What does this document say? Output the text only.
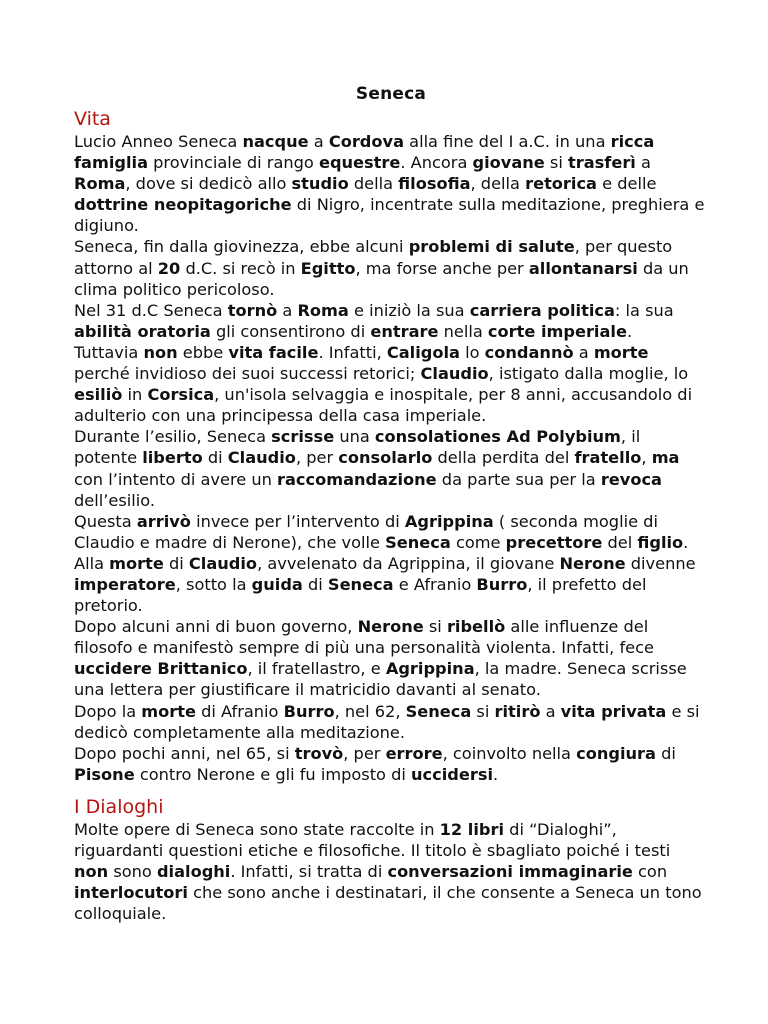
Seneca
Vita

Lucio Anneo Seneca nacque a Cordova alla fine del I a.C. in una ricca famiglia provinciale di rango equestre. Ancora giovane si trasferì a Roma, dove si dedicò allo studio della filosofia, della retorica e delle dottrine neopitagoriche di Nigro, incentrate sulla meditazione, preghiera e digiuno.

Seneca, fin dalla giovinezza, ebbe alcuni problemi di salute, per questo attorno al 20 d.C. si recò in Egitto, ma forse anche per allontanarsi da un clima politico pericoloso.

Nel 31 d.C Seneca tornò a Roma e iniziò la sua carriera politica: la sua abilità oratoria gli consentirono di entrare nella corte imperiale.

Tuttavia non ebbe vita facile. Infatti, Caligola lo condannò a morte perché invidioso dei suoi successi retorici; Claudio, istigato dalla moglie, lo esiliò in Corsica, un'isola selvaggia e inospitale, per 8 anni, accusandolo di adulterio con una principessa della casa imperiale.

Durante l’esilio, Seneca scrisse una consolationes Ad Polybium, il potente liberto di Claudio, per consolarlo della perdita del fratello, ma con l’intento di avere un raccomandazione da parte sua per la revoca dell’esilio.

Questa arrivò invece per l’intervento di Agrippina ( seconda moglie di Claudio e madre di Nerone), che volle Seneca come precettore del figlio.

Alla morte di Claudio, avvelenato da Agrippina, il giovane Nerone divenne imperatore, sotto la guida di Seneca e Afranio Burro, il prefetto del pretorio.

Dopo alcuni anni di buon governo, Nerone si ribellò alle influenze del filosofo e manifestò sempre di più una personalità violenta. Infatti, fece uccidere Brittanico, il fratellastro, e Agrippina, la madre. Seneca scrisse una lettera per giustificare il matricidio davanti al senato.

Dopo la morte di Afranio Burro, nel 62, Seneca si ritirò a vita privata e si dedicò completamente alla meditazione.

Dopo pochi anni, nel 65, si trovò, per errore, coinvolto nella congiura di Pisone contro Nerone e gli fu imposto di uccidersi.

I Dialoghi

Molte opere di Seneca sono state raccolte in 12 libri di “Dialoghi”, riguardanti questioni etiche e filosofiche. Il titolo è sbagliato poiché i testi non sono dialoghi. Infatti, si tratta di conversazioni immaginarie con interlocutori che sono anche i destinatari, il che consente a Seneca un tono colloquiale.
